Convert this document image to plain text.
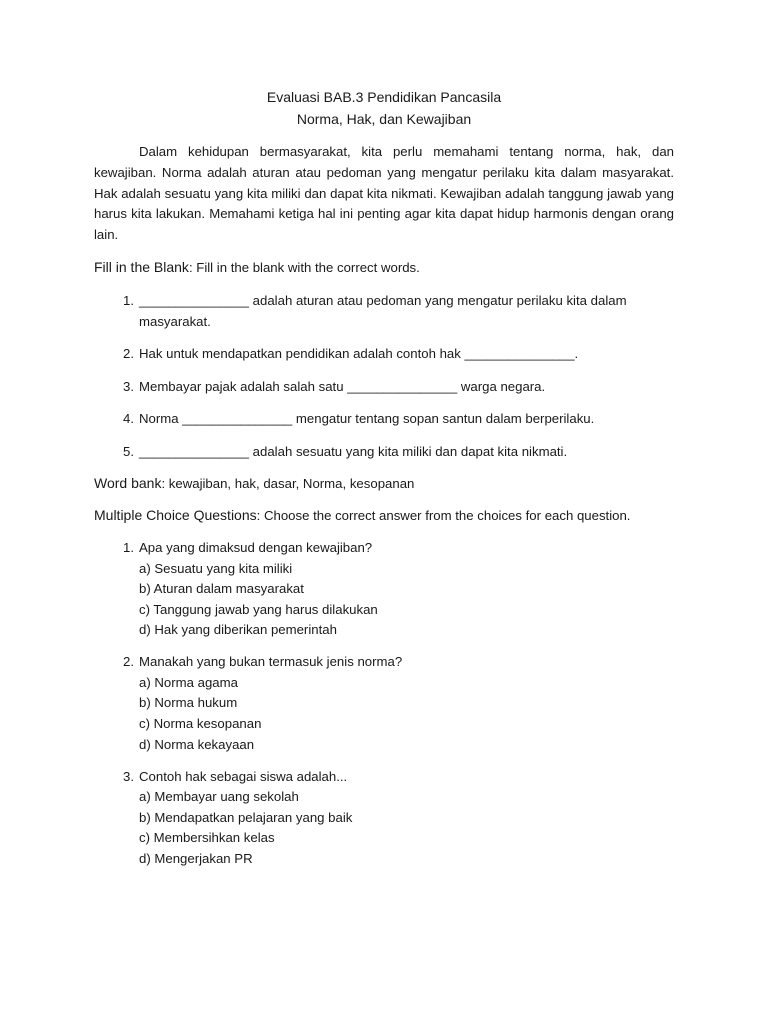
Evaluasi BAB.3 Pendidikan Pancasila
Norma, Hak, dan Kewajiban

Dalam kehidupan bermasyarakat, kita perlu memahami tentang norma, hak, dan kewajiban. Norma adalah aturan atau pedoman yang mengatur perilaku kita dalam masyarakat. Hak adalah sesuatu yang kita miliki dan dapat kita nikmati. Kewajiban adalah tanggung jawab yang harus kita lakukan. Memahami ketiga hal ini penting agar kita dapat hidup harmonis dengan orang lain.

Fill in the Blank: Fill in the blank with the correct words.
1. _______________ adalah aturan atau pedoman yang mengatur perilaku kita dalam masyarakat.
2. Hak untuk mendapatkan pendidikan adalah contoh hak _______________.
3. Membayar pajak adalah salah satu _______________ warga negara.
4. Norma _______________ mengatur tentang sopan santun dalam berperilaku.
5. _______________ adalah sesuatu yang kita miliki dan dapat kita nikmati.
Word bank: kewajiban, hak, dasar, Norma, kesopanan
Multiple Choice Questions: Choose the correct answer from the choices for each question.
1. Apa yang dimaksud dengan kewajiban?
a) Sesuatu yang kita miliki
b) Aturan dalam masyarakat
c) Tanggung jawab yang harus dilakukan
d) Hak yang diberikan pemerintah
2. Manakah yang bukan termasuk jenis norma?
a) Norma agama
b) Norma hukum
c) Norma kesopanan
d) Norma kekayaan
3. Contoh hak sebagai siswa adalah...
a) Membayar uang sekolah
b) Mendapatkan pelajaran yang baik
c) Membersihkan kelas
d) Mengerjakan PR
